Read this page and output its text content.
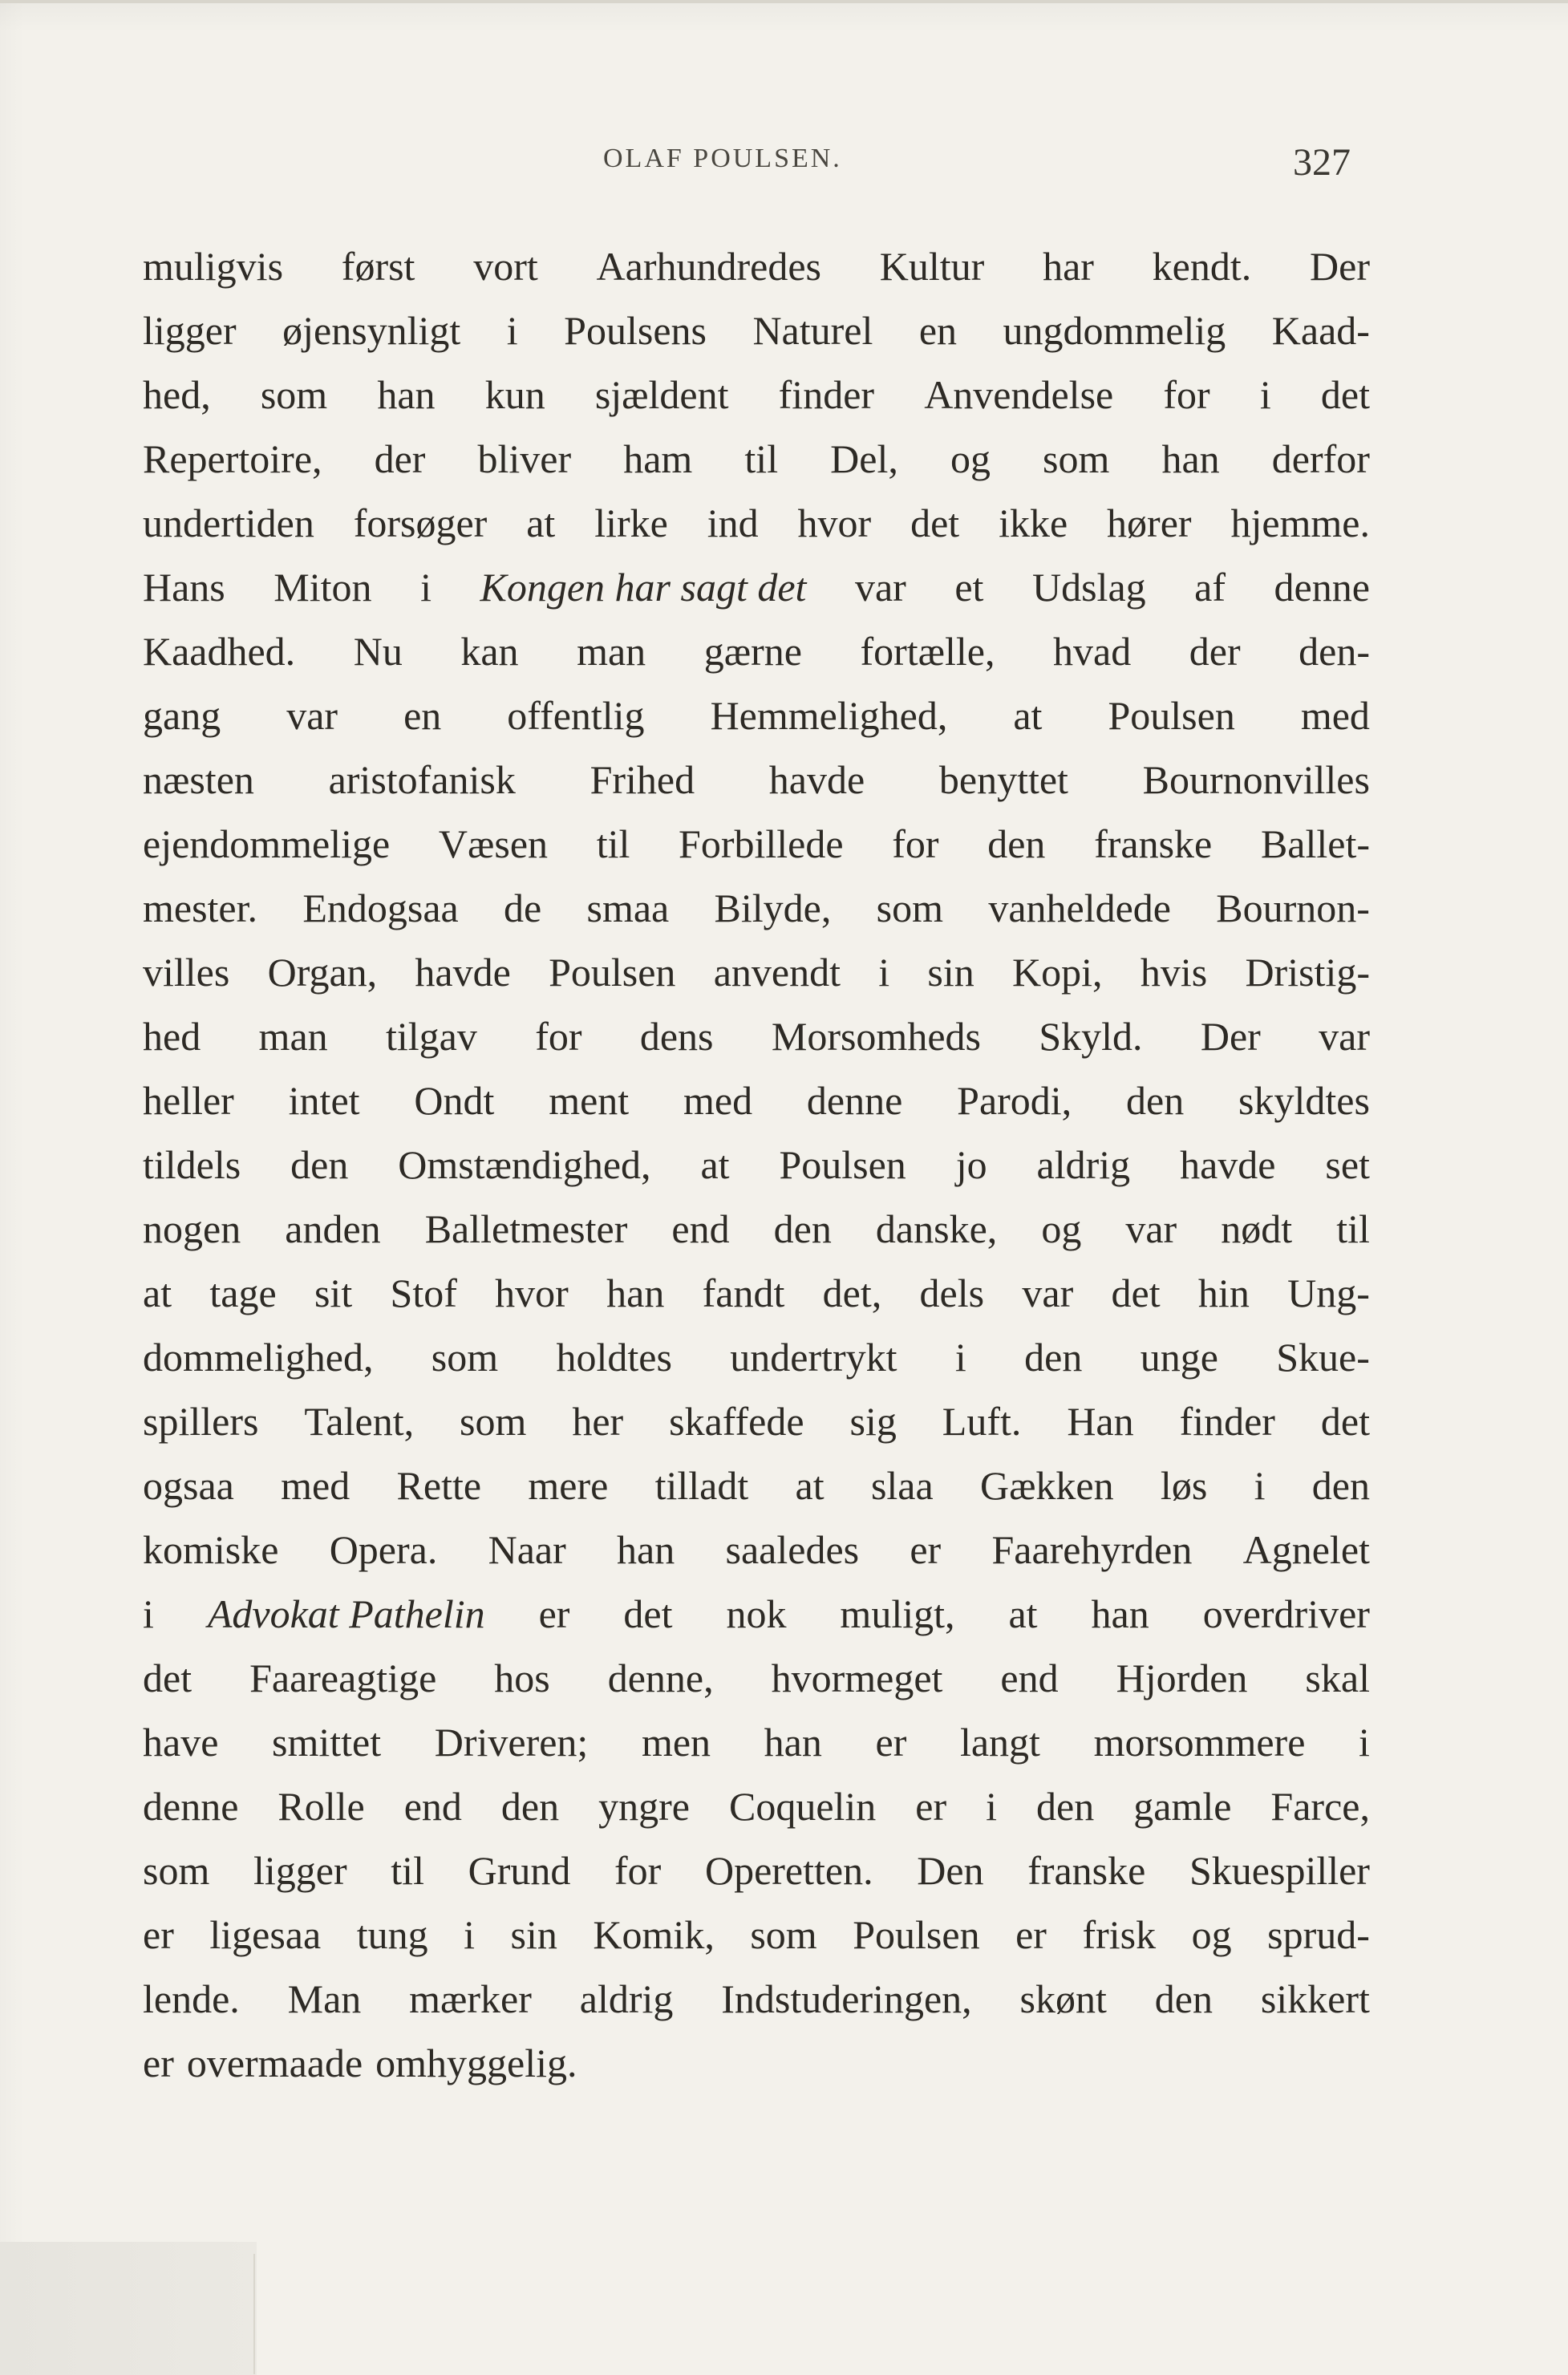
OLAF POULSEN.	327
muligvis først vort Aarhundredes Kultur har kendt. Der
ligger øjensynligt i Poulsens Naturel en ungdommelig Kaad-
hed, som han kun sjældent finder Anvendelse for i det
Repertoire, der bliver ham til Del, og som han derfor
undertiden forsøger at lirke ind hvor det ikke hører hjemme.
Hans Miton i Kongen har sagt det var et Udslag af denne
Kaadhed. Nu kan man gærne fortælle, hvad der den-
gang var en offentlig Hemmelighed, at Poulsen med
næsten aristofanisk Frihed havde benyttet Bournonvilles
ejendommelige Væsen til Forbillede for den franske Ballet-
mester. Endogsaa de smaa Bilyde, som vanheldede Bournon-
villes Organ, havde Poulsen anvendt i sin Kopi, hvis Dristig-
hed man tilgav for dens Morsomheds Skyld. Der var
heller intet Ondt ment med denne Parodi, den skyldtes
tildels den Omstændighed, at Poulsen jo aldrig havde set
nogen anden Balletmester end den danske, og var nødt til
at tage sit Stof hvor han fandt det, dels var det hin Ung-
dommelighed, som holdtes undertrykt i den unge Skue-
spillers Talent, som her skaffede sig Luft. Han finder det
ogsaa med Rette mere tilladt at slaa Gækken løs i den
komiske Opera. Naar han saaledes er Faarehyrden Agnelet
i Advokat Pathelin er det nok muligt, at han overdriver
det Faareagtige hos denne, hvormeget end Hjorden skal
have smittet Driveren; men han er langt morsommere i
denne Rolle end den yngre Coquelin er i den gamle Farce,
som ligger til Grund for Operetten. Den franske Skuespiller
er ligesaa tung i sin Komik, som Poulsen er frisk og sprud-
lende. Man mærker aldrig Indstuderingen, skønt den sikkert
er overmaade omhyggelig.
